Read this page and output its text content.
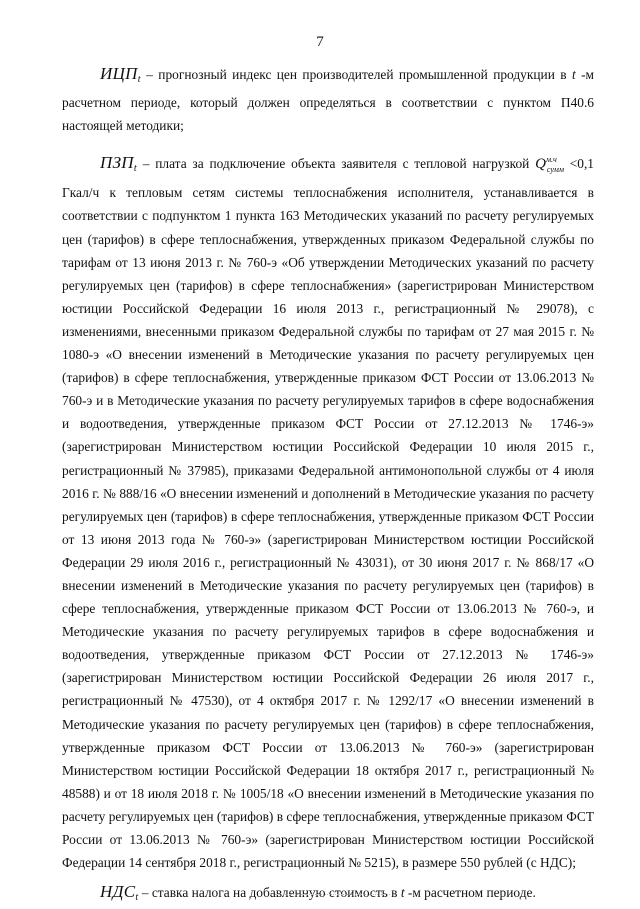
7

$ИЦП_t$ – прогнозный индекс цен производителей промышленной продукции в t -м расчетном периоде, который должен определяться в соответствии с пунктом П40.6 настоящей методики;

$ПЗП_t$ – плата за подключение объекта заявителя с тепловой нагрузкой $Q^{м.ч}_{сумм} <0,1$ Гкал/ч к тепловым сетям системы теплоснабжения исполнителя, устанавливается в соответствии с подпунктом 1 пункта 163 Методических указаний по расчету регулируемых цен (тарифов) в сфере теплоснабжения, утвержденных приказом Федеральной службы по тарифам от 13 июня 2013 г. № 760-э «Об утверждении Методических указаний по расчету регулируемых цен (тарифов) в сфере теплоснабжения» (зарегистрирован Министерством юстиции Российской Федерации 16 июля 2013 г., регистрационный № 29078), с изменениями, внесенными приказом Федеральной службы по тарифам от 27 мая 2015 г. № 1080-э «О внесении изменений в Методические указания по расчету регулируемых цен (тарифов) в сфере теплоснабжения, утвержденные приказом ФСТ России от 13.06.2013 № 760-э и в Методические указания по расчету регулируемых тарифов в сфере водоснабжения и водоотведения, утвержденные приказом ФСТ России от 27.12.2013 № 1746-э» (зарегистрирован Министерством юстиции Российской Федерации 10 июля 2015 г., регистрационный № 37985), приказами Федеральной антимонопольной службы от 4 июля 2016 г. № 888/16 «О внесении изменений и дополнений в Методические указания по расчету регулируемых цен (тарифов) в сфере теплоснабжения, утвержденные приказом ФСТ России от 13 июня 2013 года № 760-э» (зарегистрирован Министерством юстиции Российской Федерации 29 июля 2016 г., регистрационный № 43031), от 30 июня 2017 г. № 868/17 «О внесении изменений в Методические указания по расчету регулируемых цен (тарифов) в сфере теплоснабжения, утвержденные приказом ФСТ России от 13.06.2013 № 760-э, и Методические указания по расчету регулируемых тарифов в сфере водоснабжения и водоотведения, утвержденные приказом ФСТ России от 27.12.2013 № 1746-э» (зарегистрирован Министерством юстиции Российской Федерации 26 июля 2017 г., регистрационный № 47530), от 4 октября 2017 г. № 1292/17 «О внесении изменений в Методические указания по расчету регулируемых цен (тарифов) в сфере теплоснабжения, утвержденные приказом ФСТ России от 13.06.2013 № 760-э» (зарегистрирован Министерством юстиции Российской Федерации 18 октября 2017 г., регистрационный № 48588) и от 18 июля 2018 г. № 1005/18 «О внесении изменений в Методические указания по расчету регулируемых цен (тарифов) в сфере теплоснабжения, утвержденные приказом ФСТ России от 13.06.2013 № 760-э» (зарегистрирован Министерством юстиции Российской Федерации 14 сентября 2018 г., регистрационный № 5215), в размере 550 рублей (с НДС);

$НДС_t$ – ставка налога на добавленную стоимость в t -м расчетном периоде.
